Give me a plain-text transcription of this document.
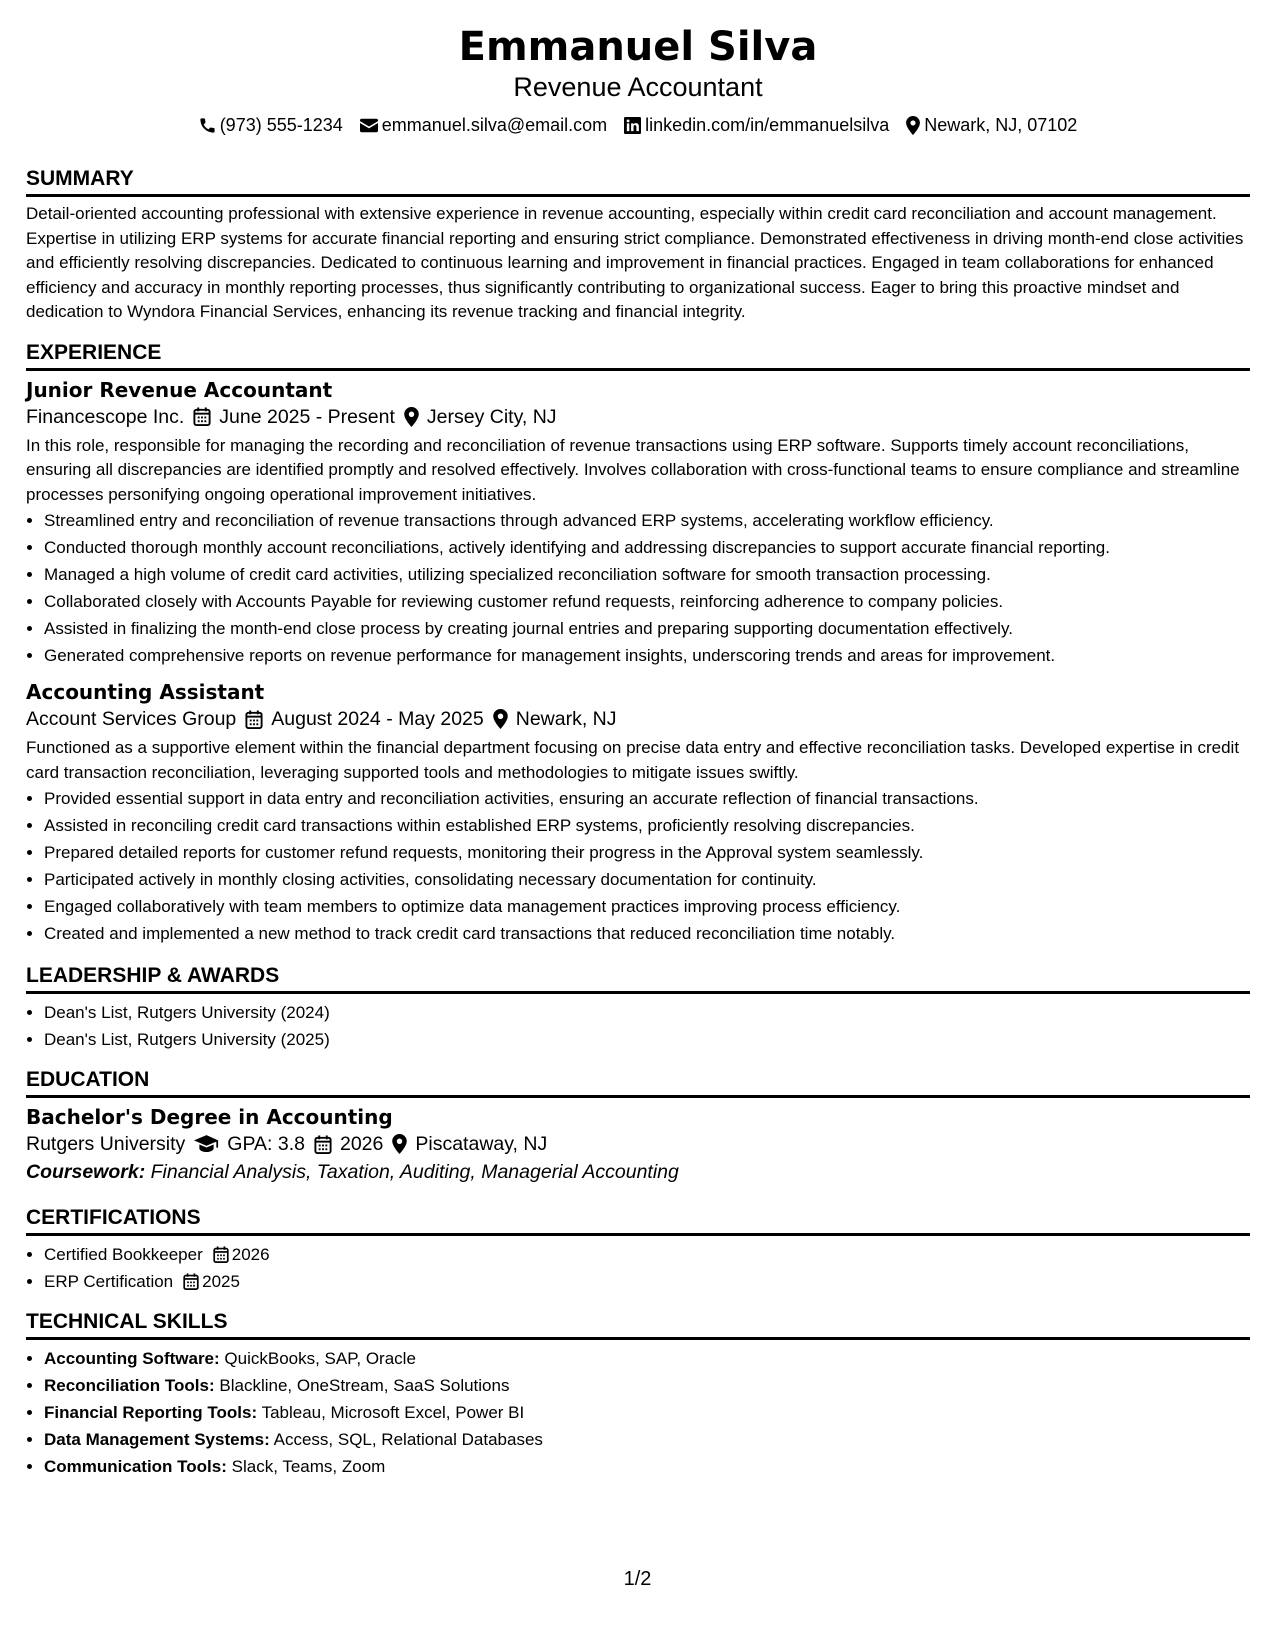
Emmanuel Silva
Revenue Accountant
(973) 555-1234 emmanuel.silva@email.com linkedin.com/in/emmanuelsilva Newark, NJ, 07102
SUMMARY

Detail-oriented accounting professional with extensive experience in revenue accounting, especially within credit card reconciliation and account management. Expertise in utilizing ERP systems for accurate financial reporting and ensuring strict compliance. Demonstrated effectiveness in driving month-end close activities and efficiently resolving discrepancies. Dedicated to continuous learning and improvement in financial practices. Engaged in team collaborations for enhanced efficiency and accuracy in monthly reporting processes, thus significantly contributing to organizational success. Eager to bring this proactive mindset and dedication to Wyndora Financial Services, enhancing its revenue tracking and financial integrity.

EXPERIENCE
Junior Revenue Accountant
Financescope Inc. June 2025 - Present Jersey City, NJ

In this role, responsible for managing the recording and reconciliation of revenue transactions using ERP software. Supports timely account reconciliations, ensuring all discrepancies are identified promptly and resolved effectively. Involves collaboration with cross-functional teams to ensure compliance and streamline processes personifying ongoing operational improvement initiatives.

• Streamlined entry and reconciliation of revenue transactions through advanced ERP systems, accelerating workflow efficiency.
• Conducted thorough monthly account reconciliations, actively identifying and addressing discrepancies to support accurate financial reporting.
• Managed a high volume of credit card activities, utilizing specialized reconciliation software for smooth transaction processing.
• Collaborated closely with Accounts Payable for reviewing customer refund requests, reinforcing adherence to company policies.
• Assisted in finalizing the month-end close process by creating journal entries and preparing supporting documentation effectively.
• Generated comprehensive reports on revenue performance for management insights, underscoring trends and areas for improvement.
Accounting Assistant
Account Services Group August 2024 - May 2025 Newark, NJ

Functioned as a supportive element within the financial department focusing on precise data entry and effective reconciliation tasks. Developed expertise in credit card transaction reconciliation, leveraging supported tools and methodologies to mitigate issues swiftly.

• Provided essential support in data entry and reconciliation activities, ensuring an accurate reflection of financial transactions.
• Assisted in reconciling credit card transactions within established ERP systems, proficiently resolving discrepancies.
• Prepared detailed reports for customer refund requests, monitoring their progress in the Approval system seamlessly.
• Participated actively in monthly closing activities, consolidating necessary documentation for continuity.
• Engaged collaboratively with team members to optimize data management practices improving process efficiency.
• Created and implemented a new method to track credit card transactions that reduced reconciliation time notably.
LEADERSHIP & AWARDS
• Dean's List, Rutgers University (2024)
• Dean's List, Rutgers University (2025)
EDUCATION
Bachelor's Degree in Accounting
Rutgers University GPA: 3.8 2026 Piscataway, NJ
Coursework: Financial Analysis, Taxation, Auditing, Managerial Accounting
CERTIFICATIONS
• Certified Bookkeeper 2026
• ERP Certification 2025
TECHNICAL SKILLS
• Accounting Software: QuickBooks, SAP, Oracle
• Reconciliation Tools: Blackline, OneStream, SaaS Solutions
• Financial Reporting Tools: Tableau, Microsoft Excel, Power BI
• Data Management Systems: Access, SQL, Relational Databases
• Communication Tools: Slack, Teams, Zoom
1/2
